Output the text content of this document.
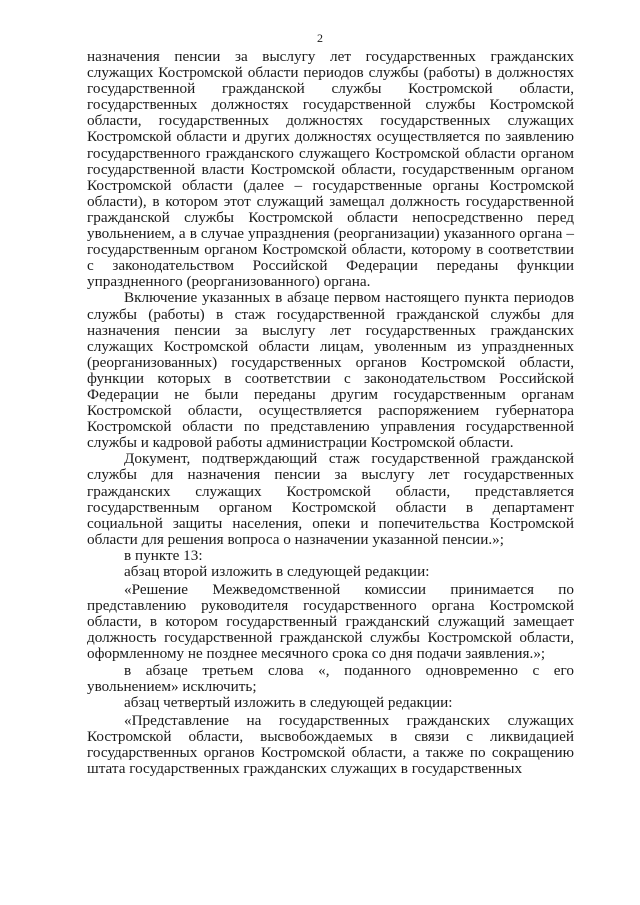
2

назначения пенсии за выслугу лет государственных гражданских служащих Костромской области периодов службы (работы) в должностях государственной гражданской службы Костромской области, государственных должностях государственной службы Костромской области, государственных должностях государственных служащих Костромской области и других должностях осуществляется по заявлению государственного гражданского служащего Костромской области органом государственной власти Костромской области, государственным органом Костромской области (далее – государственные органы Костромской области), в котором этот служащий замещал должность государственной гражданской службы Костромской области непосредственно перед увольнением, а в случае упразднения (реорганизации) указанного органа – государственным органом Костромской области, которому в соответствии с законодательством Российской Федерации переданы функции упраздненного (реорганизованного) органа.

Включение указанных в абзаце первом настоящего пункта периодов службы (работы) в стаж государственной гражданской службы для назначения пенсии за выслугу лет государственных гражданских служащих Костромской области лицам, уволенным из упраздненных (реорганизованных) государственных органов Костромской области, функции которых в соответствии с законодательством Российской Федерации не были переданы другим государственным органам Костромской области, осуществляется распоряжением губернатора Костромской области по представлению управления государственной службы и кадровой работы администрации Костромской области.

Документ, подтверждающий стаж государственной гражданской службы для назначения пенсии за выслугу лет государственных гражданских служащих Костромской области, представляется государственным органом Костромской области в департамент социальной защиты населения, опеки и попечительства Костромской области для решения вопроса о назначении указанной пенсии.»;

в пункте 13:

абзац второй изложить в следующей редакции:

«Решение Межведомственной комиссии принимается по представлению руководителя государственного органа Костромской области, в котором государственный гражданский служащий замещает должность государственной гражданской службы Костромской области, оформленному не позднее месячного срока со дня подачи заявления.»;

в абзаце третьем слова «, поданного одновременно с его увольнением» исключить;

абзац четвертый изложить в следующей редакции:

«Представление на государственных гражданских служащих Костромской области, высвобождаемых в связи с ликвидацией государственных органов Костромской области, а также по сокращению штата государственных гражданских служащих в государственных
